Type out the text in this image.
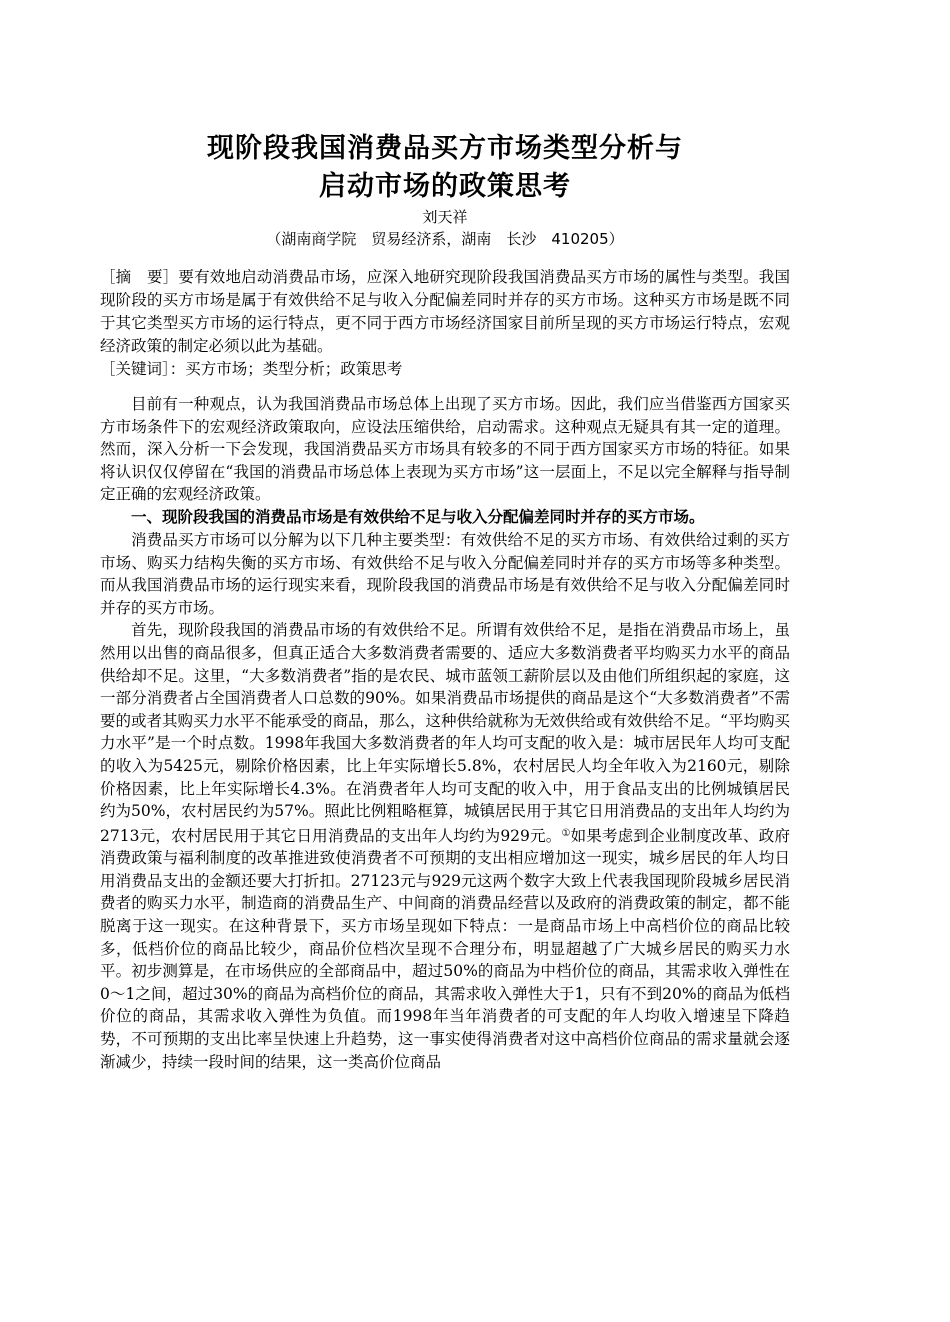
现阶段我国消费品买方市场类型分析与
启动市场的政策思考

刘天祥

（湖南商学院　贸易经济系，湖南　长沙　410205）

［摘　要］要有效地启动消费品市场，应深入地研究现阶段我国消费品买方市场的属性与类型。我国现阶段的买方市场是属于有效供给不足与收入分配偏差同时并存的买方市场。这种买方市场是既不同于其它类型买方市场的运行特点，更不同于西方市场经济国家目前所呈现的买方市场运行特点，宏观经济政策的制定必须以此为基础。

［关键词］：买方市场；类型分析；政策思考

目前有一种观点，认为我国消费品市场总体上出现了买方市场。因此，我们应当借鉴西方国家买方市场条件下的宏观经济政策取向，应设法压缩供给，启动需求。这种观点无疑具有其一定的道理。然而，深入分析一下会发现，我国消费品买方市场具有较多的不同于西方国家买方市场的特征。如果将认识仅仅停留在“我国的消费品市场总体上表现为买方市场”这一层面上，不足以完全解释与指导制定正确的宏观经济政策。

一、现阶段我国的消费品市场是有效供给不足与收入分配偏差同时并存的买方市场。

消费品买方市场可以分解为以下几种主要类型：有效供给不足的买方市场、有效供给过剩的买方市场、购买力结构失衡的买方市场、有效供给不足与收入分配偏差同时并存的买方市场等多种类型。而从我国消费品市场的运行现实来看，现阶段我国的消费品市场是有效供给不足与收入分配偏差同时并存的买方市场。

首先，现阶段我国的消费品市场的有效供给不足。所谓有效供给不足，是指在消费品市场上，虽然用以出售的商品很多，但真正适合大多数消费者需要的、适应大多数消费者平均购买力水平的商品供给却不足。这里，“大多数消费者”指的是农民、城市蓝领工薪阶层以及由他们所组织起的家庭，这一部分消费者占全国消费者人口总数的90%。如果消费品市场提供的商品是这个“大多数消费者”不需要的或者其购买力水平不能承受的商品，那么，这种供给就称为无效供给或有效供给不足。“平均购买力水平”是一个时点数。1998年我国大多数消费者的年人均可支配的收入是：城市居民年人均可支配的收入为5425元，剔除价格因素，比上年实际增长5.8%，农村居民人均全年收入为2160元，剔除价格因素，比上年实际增长4.3%。在消费者年人均可支配的收入中，用于食品支出的比例城镇居民约为50%，农村居民约为57%。照此比例粗略框算，城镇居民用于其它日用消费品的支出年人均约为2713元，农村居民用于其它日用消费品的支出年人均约为929元。①如果考虑到企业制度改革、政府消费政策与福利制度的改革推进致使消费者不可预期的支出相应增加这一现实，城乡居民的年人均日用消费品支出的金额还要大打折扣。27123元与929元这两个数字大致上代表我国现阶段城乡居民消费者的购买力水平，制造商的消费品生产、中间商的消费品经营以及政府的消费政策的制定，都不能脱离于这一现实。在这种背景下，买方市场呈现如下特点：一是商品市场上中高档价位的商品比较多，低档价位的商品比较少，商品价位档次呈现不合理分布，明显超越了广大城乡居民的购买力水平。初步测算是，在市场供应的全部商品中，超过50%的商品为中档价位的商品，其需求收入弹性在0～1之间，超过30%的商品为高档价位的商品，其需求收入弹性大于1，只有不到20%的商品为低档价位的商品，其需求收入弹性为负值。而1998年当年消费者的可支配的年人均收入增速呈下降趋势，不可预期的支出比率呈快速上升趋势，这一事实使得消费者对这中高档价位商品的需求量就会逐渐减少，持续一段时间的结果，这一类高价位商品
